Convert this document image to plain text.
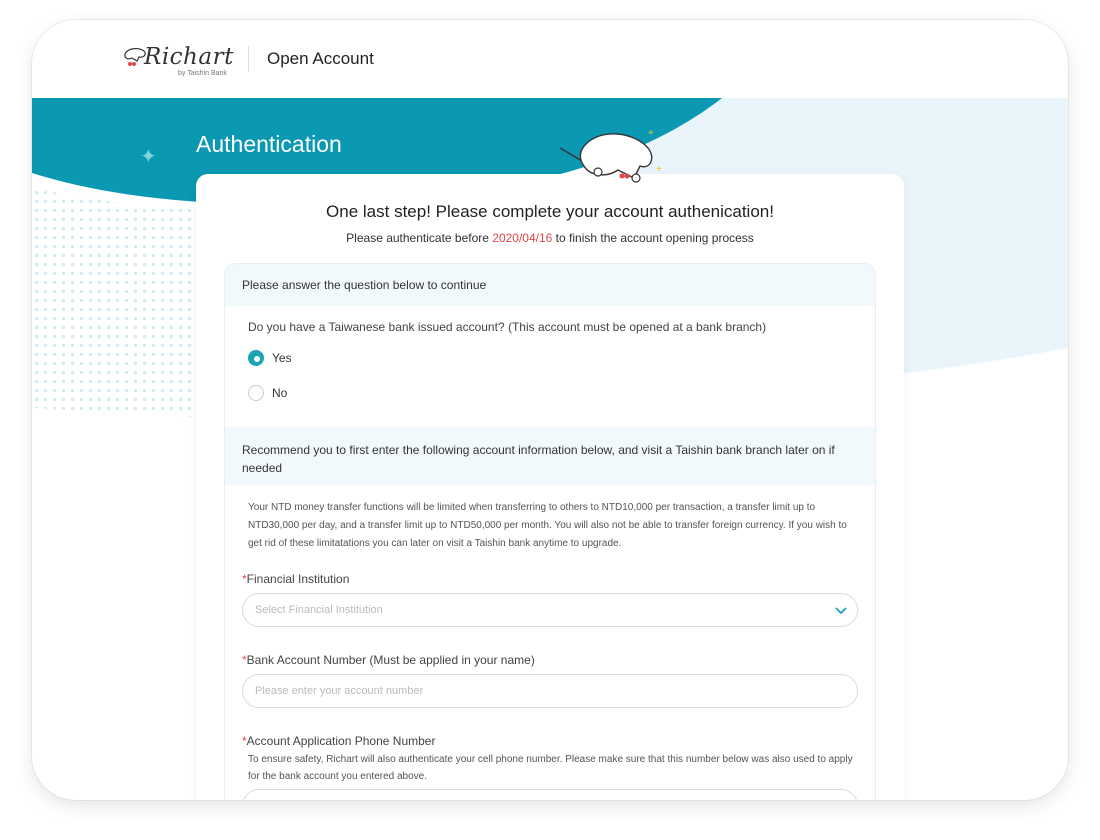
Richart
by Taishin Bank
Open Account
✦ Authentication	+
+
One last step! Please complete your account authenication!
Please authenticate before 2020/04/16 to finish the account opening process
Please answer the question below to continue
Do you have a Taiwanese bank issued account? (This account must be opened at a bank branch)
Yes
No
Recommend you to first enter the following account information below, and visit a Taishin bank branch later on if needed
Your NTD money transfer functions will be limited when transferring to others to NTD10,000 per transaction, a transfer limit up to NTD30,000 per day, and a transfer limit up to NTD50,000 per month. You will also not be able to transfer foreign currency. If you wish to get rid of these limitatations you can later on visit a Taishin bank anytime to upgrade.
*Financial Institution
Select Financial Institution
*Bank Account Number (Must be applied in your name)
Please enter your account number
*Account Application Phone Number
To ensure safety, Richart will also authenticate your cell phone number. Please make sure that this number below was also used to apply for the bank account you entered above.
